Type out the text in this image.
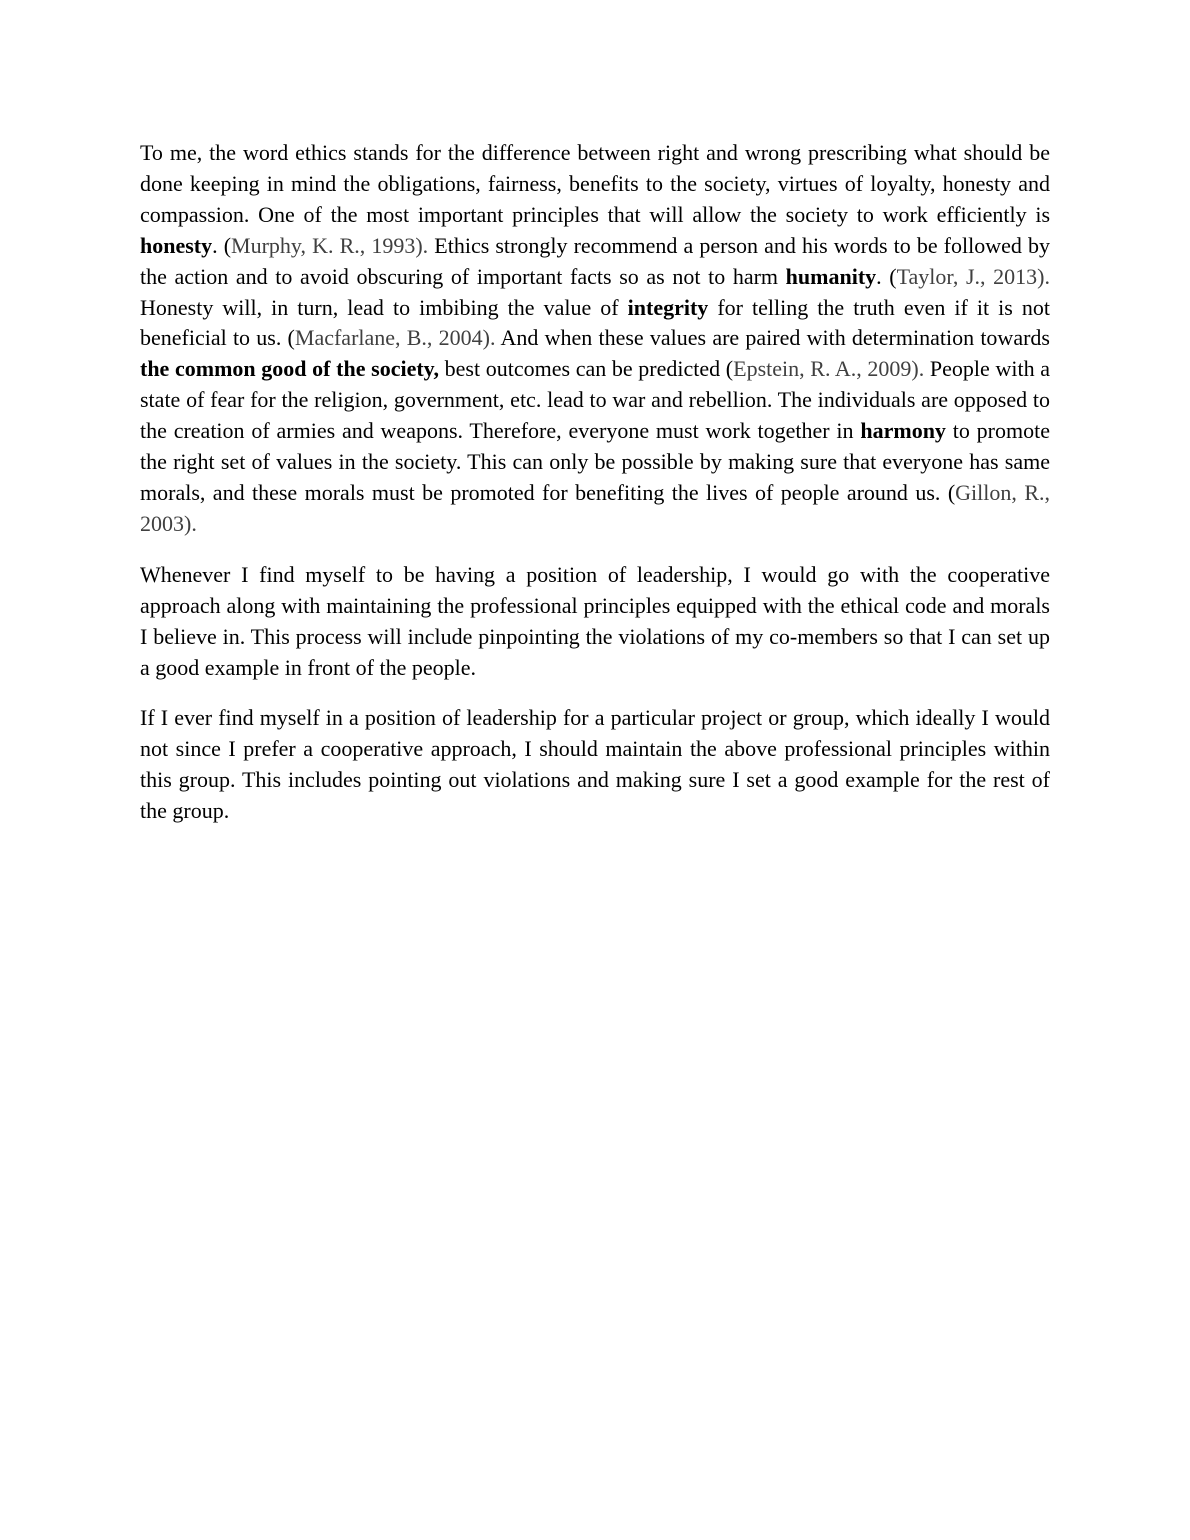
To me, the word ethics stands for the difference between right and wrong prescribing what should be done keeping in mind the obligations, fairness, benefits to the society, virtues of loyalty, honesty and compassion. One of the most important principles that will allow the society to work efficiently is honesty. (Murphy, K. R., 1993). Ethics strongly recommend a person and his words to be followed by the action and to avoid obscuring of important facts so as not to harm humanity. (Taylor, J., 2013). Honesty will, in turn, lead to imbibing the value of integrity for telling the truth even if it is not beneficial to us. (Macfarlane, B., 2004). And when these values are paired with determination towards the common good of the society, best outcomes can be predicted (Epstein, R. A., 2009). People with a state of fear for the religion, government, etc. lead to war and rebellion. The individuals are opposed to the creation of armies and weapons. Therefore, everyone must work together in harmony to promote the right set of values in the society. This can only be possible by making sure that everyone has same morals, and these morals must be promoted for benefiting the lives of people around us. (Gillon, R., 2003).

Whenever I find myself to be having a position of leadership, I would go with the cooperative approach along with maintaining the professional principles equipped with the ethical code and morals I believe in. This process will include pinpointing the violations of my co-members so that I can set up a good example in front of the people.

If I ever find myself in a position of leadership for a particular project or group, which ideally I would not since I prefer a cooperative approach, I should maintain the above professional principles within this group. This includes pointing out violations and making sure I set a good example for the rest of the group.
